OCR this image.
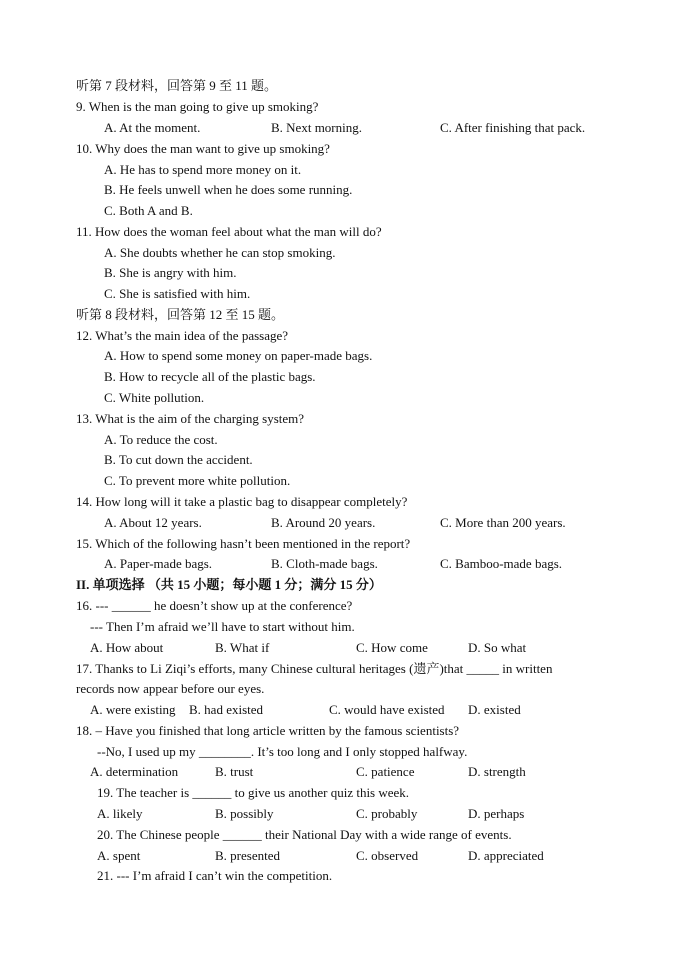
听第 7 段材料，回答第 9 至 11 题。
9. When is the man going to give up smoking?
A. At the moment.	B. Next morning.	C. After finishing that pack.
10. Why does the man want to give up smoking?
A. He has to spend more money on it.
B. He feels unwell when he does some running.
C. Both A and B.
11. How does the woman feel about what the man will do?
A. She doubts whether he can stop smoking.
B. She is angry with him.
C. She is satisfied with him.
听第 8 段材料，回答第 12 至 15 题。
12. What’s the main idea of the passage?
A. How to spend some money on paper-made bags.
B. How to recycle all of the plastic bags.
C. White pollution.
13. What is the aim of the charging system?
A. To reduce the cost.
B. To cut down the accident.
C. To prevent more white pollution.
14. How long will it take a plastic bag to disappear completely?
A. About 12 years.	B. Around 20 years.	C. More than 200 years.
15. Which of the following hasn’t been mentioned in the report?
A. Paper-made bags.	B. Cloth-made bags.	C. Bamboo-made bags.
II. 单项选择 （共 15 小题；每小题 1 分；满分 15 分）
16. --- ______ he doesn’t show up at the conference?
--- Then I’m afraid we’ll have to start without him.
A. How about	B. What if	C. How come	D. So what
17. Thanks to Li Ziqi’s efforts, many Chinese cultural heritages (遗产)that _____ in written
records now appear before our eyes.
A. were existing B. had existed	C. would have existed D. existed
18. – Have you finished that long article written by the famous scientists?
--No, I used up my ________. It’s too long and I only stopped halfway.
A. determination	B. trust	C. patience	D. strength
19. The teacher is ______ to give us another quiz this week.
A. likely	B. possibly	C. probably	D. perhaps
20. The Chinese people ______ their National Day with a wide range of events.
A. spent	B. presented	C. observed	D. appreciated
21. --- I’m afraid I can’t win the competition.
